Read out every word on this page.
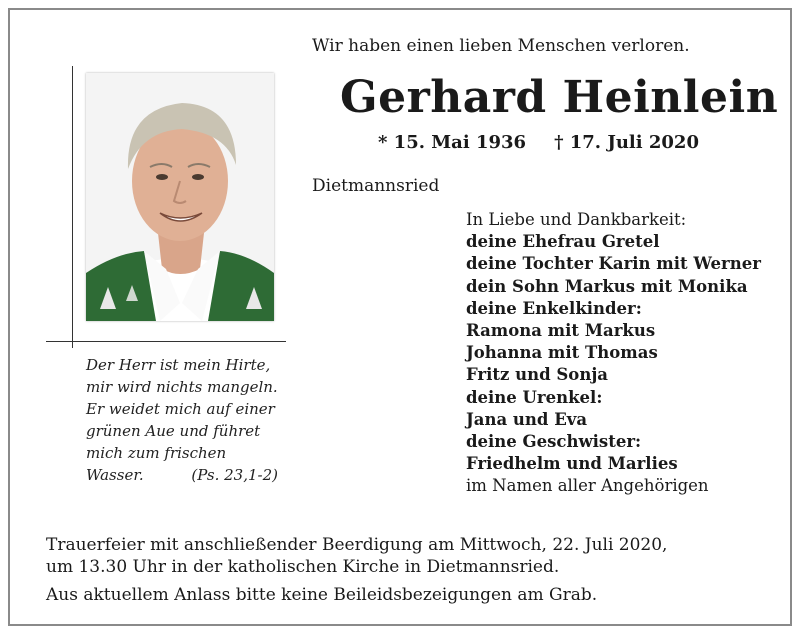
Wir haben einen lieben Menschen verloren.
Gerhard Heinlein
* 15. Mai 1936 † 17. Juli 2020
Dietmannsried
Der Herr ist mein Hirte,
mir wird nichts mangeln.
Er weidet mich auf einer
grünen Aue und führet
mich zum frischen
Wasser.	(Ps. 23,1-2)
In Liebe und Dankbarkeit:
deine Ehefrau Gretel
deine Tochter Karin mit Werner
dein Sohn Markus mit Monika
deine Enkelkinder:
Ramona mit Markus
Johanna mit Thomas
Fritz und Sonja
deine Urenkel:
Jana und Eva
deine Geschwister:
Friedhelm und Marlies
im Namen aller Angehörigen
Trauerfeier mit anschließender Beerdigung am Mittwoch, 22. Juli 2020,
um 13.30 Uhr in der katholischen Kirche in Dietmannsried.
Aus aktuellem Anlass bitte keine Beileidsbezeigungen am Grab.
